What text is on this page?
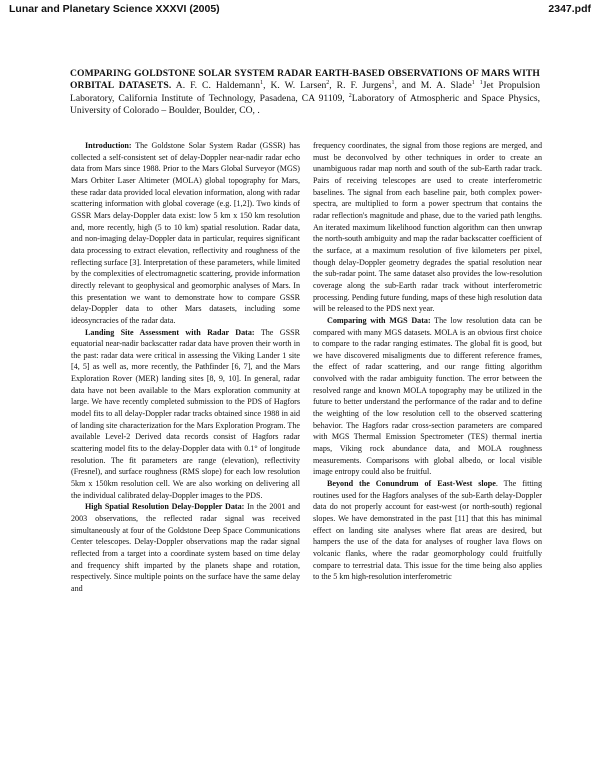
Lunar and Planetary Science XXXVI (2005)	2347.pdf
COMPARING GOLDSTONE SOLAR SYSTEM RADAR EARTH-BASED OBSERVATIONS OF MARS WITH ORBITAL DATASETS. A. F. C. Haldemann$^1$, K. W. Larsen$^2$, R. F. Jurgens$^1$, and M. A. Slade$^1$ $^1$Jet Propulsion Laboratory, California Institute of Technology, Pasadena, CA 91109, $^2$Laboratory of Atmospheric and Space Physics, University of Colorado – Boulder, Boulder, CO, .

Introduction: The Goldstone Solar System Radar (GSSR) has collected a self-consistent set of delay-Doppler near-nadir radar echo data from Mars since 1988. Prior to the Mars Global Surveyor (MGS) Mars Orbiter Laser Altimeter (MOLA) global topography for Mars, these radar data provided local elevation information, along with radar scattering information with global coverage (e.g. [1,2]). Two kinds of GSSR Mars delay-Doppler data exist: low 5 km x 150 km resolution and, more recently, high (5 to 10 km) spatial resolution. Radar data, and non-imaging delay-Doppler data in particular, requires significant data processing to extract elevation, reflectivity and roughness of the reflecting surface [3]. Interpretation of these parameters, while limited by the complexities of electromagnetic scattering, provide information directly relevant to geophysical and geomorphic analyses of Mars. In this presentation we want to demonstrate how to compare GSSR delay-Doppler data to other Mars datasets, including some ideosyncracies of the radar data.

Landing Site Assessment with Radar Data: The GSSR equatorial near-nadir backscatter radar data have proven their worth in the past: radar data were critical in assessing the Viking Lander 1 site [4, 5] as well as, more recently, the Pathfinder [6, 7], and the Mars Exploration Rover (MER) landing sites [8, 9, 10]. In general, radar data have not been available to the Mars exploration community at large. We have recently completed submission to the PDS of Hagfors model fits to all delay-Doppler radar tracks obtained since 1988 in aid of landing site characterization for the Mars Exploration Program. The available Level-2 Derived data records consist of Hagfors radar scattering model fits to the delay-Doppler data with 0.1° of longitude resolution. The fit parameters are range (elevation), reflectivity (Fresnel), and surface roughness (RMS slope) for each low resolution 5km x 150km resolution cell. We are also working on delivering all the individual calibrated delay-Doppler images to the PDS.

High Spatial Resolution Delay-Doppler Data: In the 2001 and 2003 observations, the reflected radar signal was received simultaneously at four of the Goldstone Deep Space Communications Center telescopes. Delay-Doppler observations map the radar signal reflected from a target into a coordinate system based on time delay and frequency shift imparted by the planets shape and rotation, respectively. Since multiple points on the surface have the same delay and

frequency coordinates, the signal from those regions are merged, and must be deconvolved by other techniques in order to create an unambiguous radar map north and south of the sub-Earth radar track. Pairs of receiving telescopes are used to create interferometric baselines. The signal from each baseline pair, both complex power-spectra, are multiplied to form a power spectrum that contains the radar reflection's magnitude and phase, due to the varied path lengths. An iterated maximum likelihood function algorithm can then unwrap the north-south ambiguity and map the radar backscatter coefficient of the surface, at a maximum resolution of five kilometers per pixel, though delay-Doppler geometry degrades the spatial resolution near the sub-radar point. The same dataset also provides the low-resolution coverage along the sub-Earth radar track without interferometric processing. Pending future funding, maps of these high resolution data will be released to the PDS next year.

Comparing with MGS Data: The low resolution data can be compared with many MGS datasets. MOLA is an obvious first choice to compare to the radar ranging estimates. The global fit is good, but we have discovered misaligments due to different reference frames, the effect of radar scattering, and our range fitting algorithm convolved with the radar ambiguity function. The error between the resolved range and known MOLA topography may be utilized in the future to better understand the performance of the radar and to define the weighting of the low resolution cell to the observed scattering behavior. The Hagfors radar cross-section parameters are compared with MGS Thermal Emission Spectrometer (TES) thermal inertia maps, Viking rock abundance data, and MOLA roughness measurements. Comparisons with global albedo, or local visible image entropy could also be fruitful.

Beyond the Conundrum of East-West slope. The fitting routines used for the Hagfors analyses of the sub-Earth delay-Doppler data do not properly account for east-west (or north-south) regional slopes. We have demonstrated in the past [11] that this has minimal effect on landing site analyses where flat areas are desired, but hampers the use of the data for analyses of rougher lava flows on volcanic flanks, where the radar geomorphology could fruitfully compare to terrestrial data. This issue for the time being also applies to the 5 km high-resolution interferometric
